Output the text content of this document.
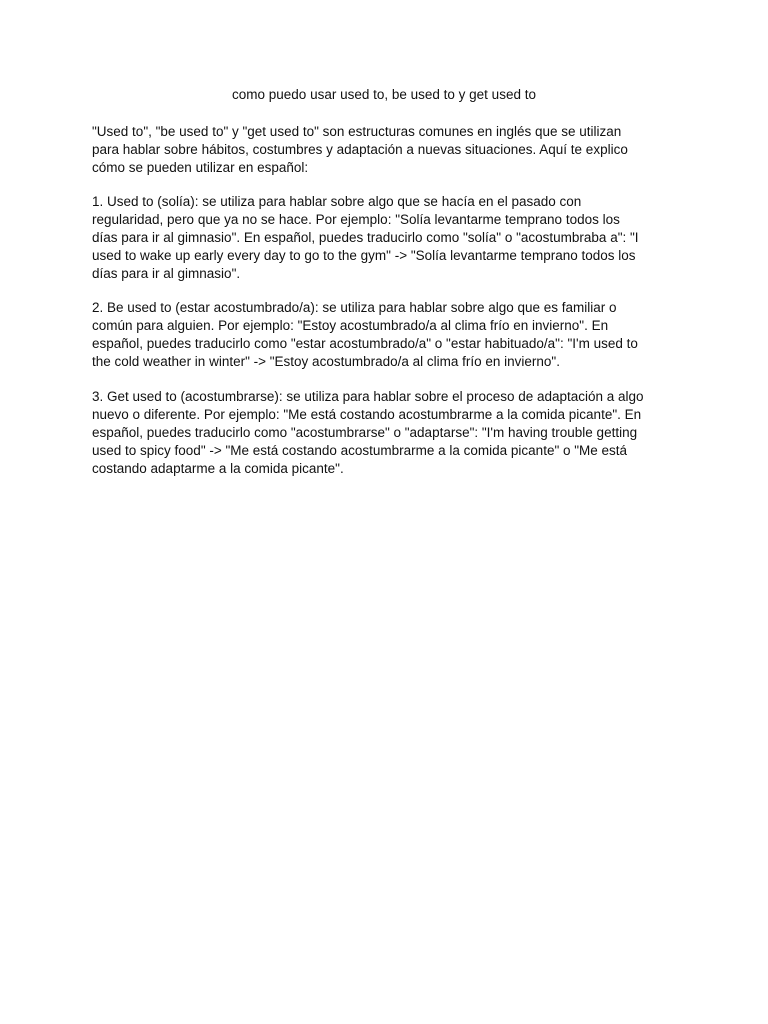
como puedo usar used to, be used to y get used to

"Used to", "be used to" y "get used to" son estructuras comunes en inglés que se utilizan
para hablar sobre hábitos, costumbres y adaptación a nuevas situaciones. Aquí te explico
cómo se pueden utilizar en español:

1. Used to (solía): se utiliza para hablar sobre algo que se hacía en el pasado con
regularidad, pero que ya no se hace. Por ejemplo: "Solía levantarme temprano todos los
días para ir al gimnasio". En español, puedes traducirlo como "solía" o "acostumbraba a": "I
used to wake up early every day to go to the gym" -> "Solía levantarme temprano todos los
días para ir al gimnasio".

2. Be used to (estar acostumbrado/a): se utiliza para hablar sobre algo que es familiar o
común para alguien. Por ejemplo: "Estoy acostumbrado/a al clima frío en invierno". En
español, puedes traducirlo como "estar acostumbrado/a" o "estar habituado/a": "I'm used to
the cold weather in winter" -> "Estoy acostumbrado/a al clima frío en invierno".

3. Get used to (acostumbrarse): se utiliza para hablar sobre el proceso de adaptación a algo
nuevo o diferente. Por ejemplo: "Me está costando acostumbrarme a la comida picante". En
español, puedes traducirlo como "acostumbrarse" o "adaptarse": "I'm having trouble getting
used to spicy food" -> "Me está costando acostumbrarme a la comida picante" o "Me está
costando adaptarme a la comida picante".
